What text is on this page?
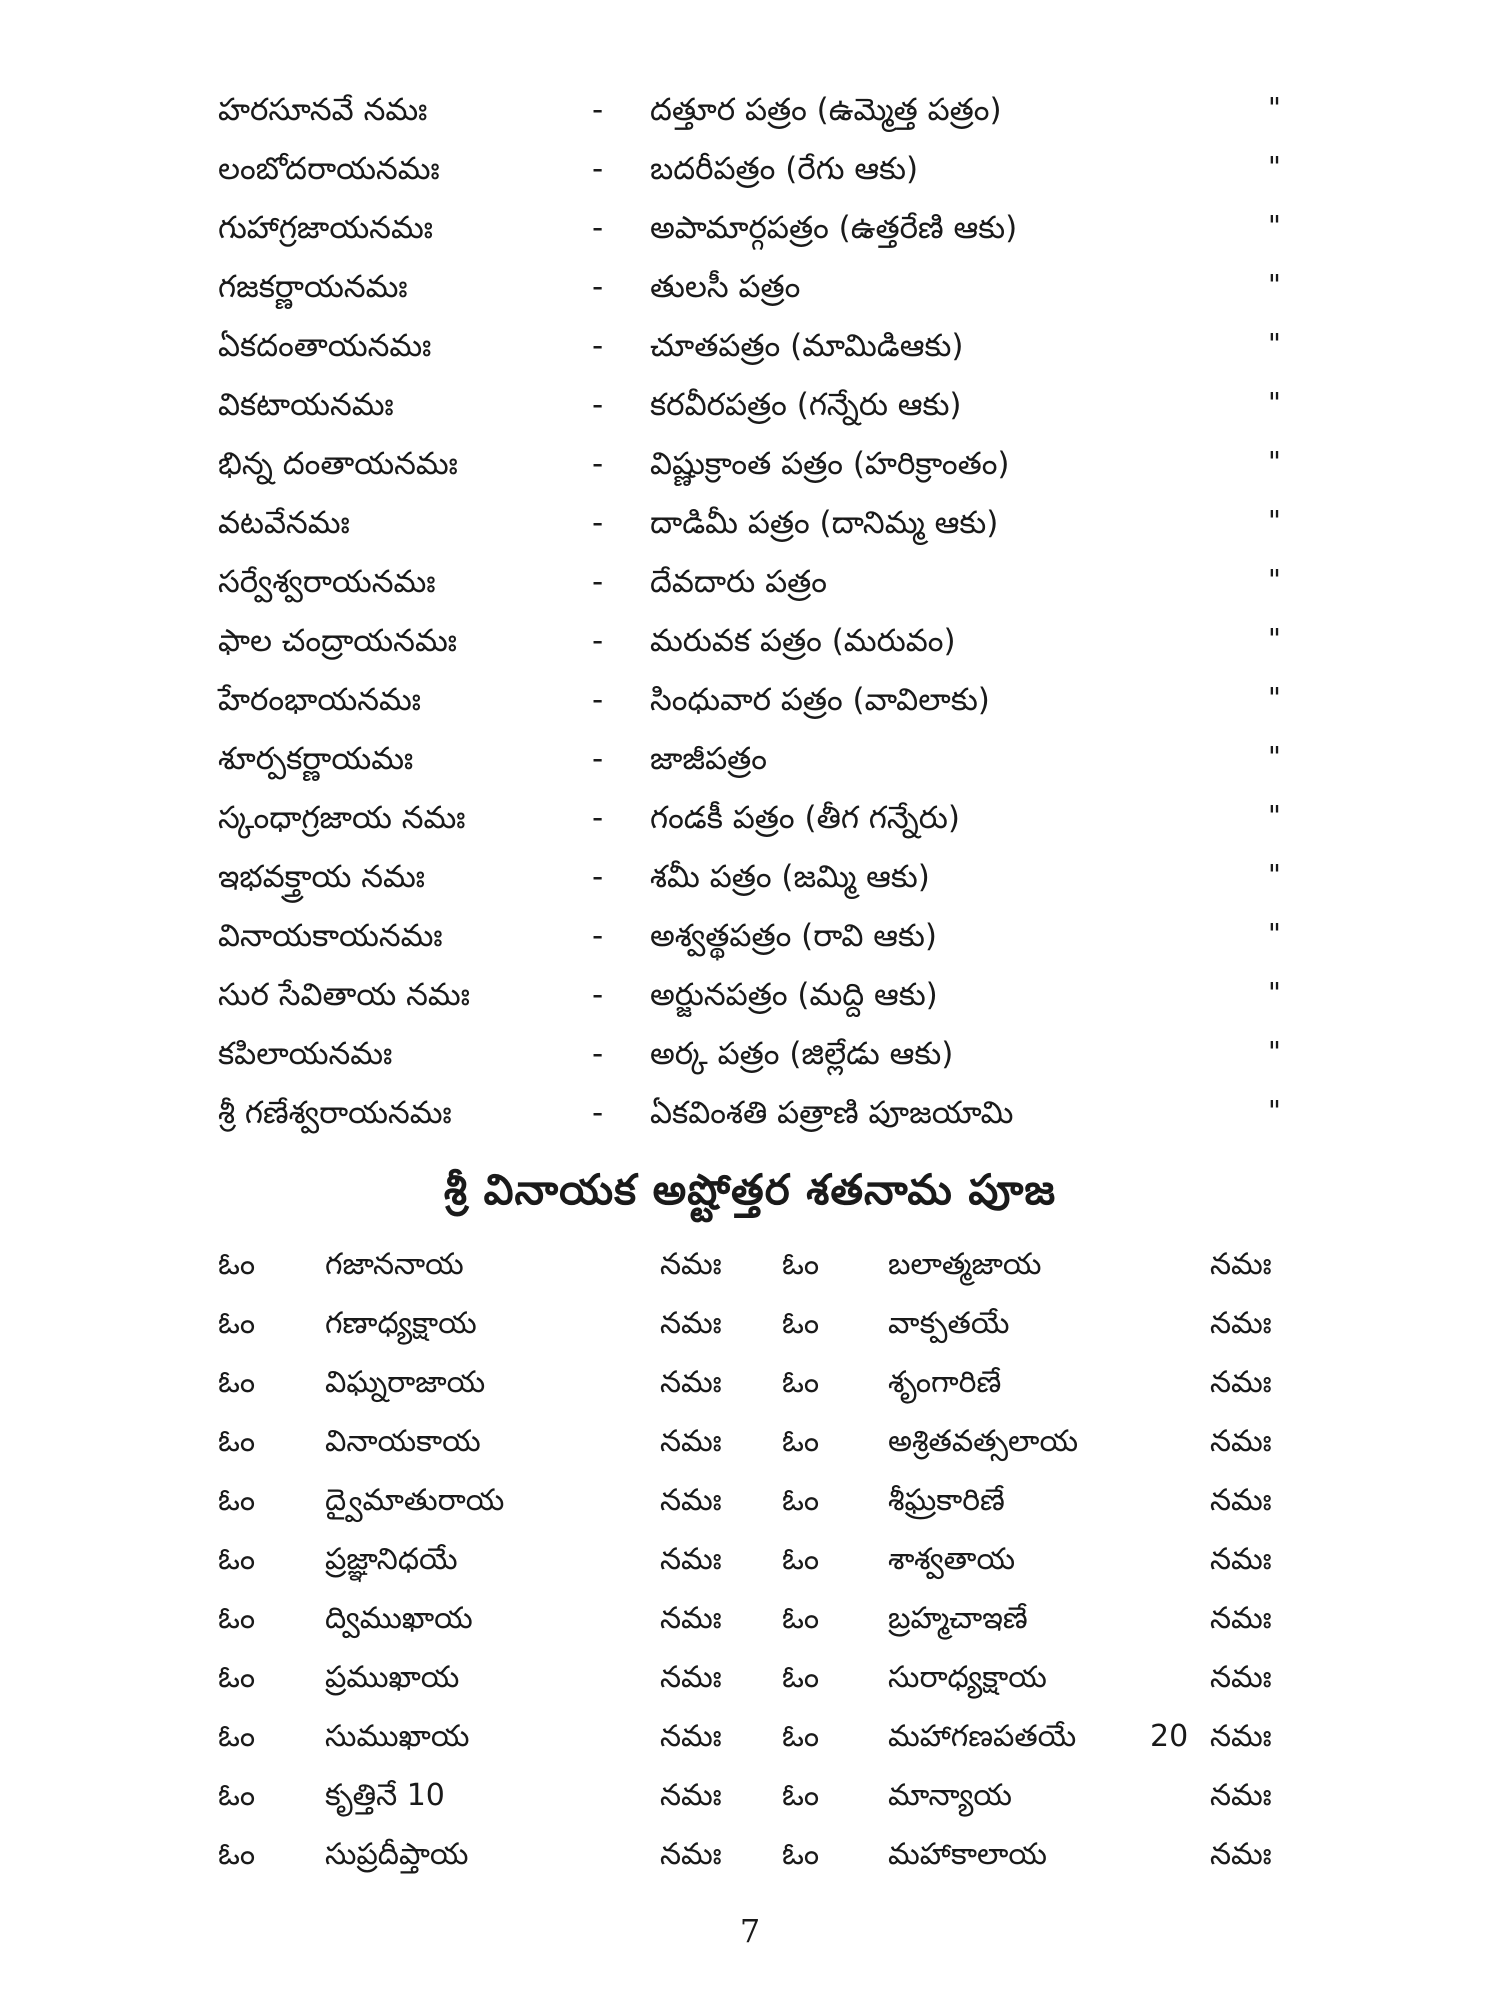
హరసూనవే నమః	- దత్తూర పత్రం (ఉమ్మెత్త పత్రం)	"
లంబోదరాయనమః	- బదరీపత్రం (రేగు ఆకు)	"
గుహాగ్రజాయనమః	- అపామార్గపత్రం (ఉత్తరేణి ఆకు)	"
గజకర్ణాయనమః	- తులసీ పత్రం	"
ఏకదంతాయనమః	- చూతపత్రం (మామిడిఆకు)	"
వికటాయనమః	- కరవీరపత్రం (గన్నేరు ఆకు)	"
భిన్న దంతాయనమః	- విష్ణుక్రాంత పత్రం (హరిక్రాంతం)	"
వటవేనమః	- దాడిమీ పత్రం (దానిమ్మ ఆకు)	"
సర్వేశ్వరాయనమః	- దేవదారు పత్రం	"
ఫాల చంద్రాయనమః	- మరువక పత్రం (మరువం)	"
హేరంభాయనమః	- సింధువార పత్రం (వావిలాకు)	"
శూర్పకర్ణాయమః	- జాజీపత్రం	"
స్కంధాగ్రజాయ నమః	- గండకీ పత్రం (తీగ గన్నేరు)	"
ఇభవక్త్రాయ నమః	- శమీ పత్రం (జమ్మి ఆకు)	"
వినాయకాయనమః	- అశ్వత్థపత్రం (రావి ఆకు)	"
సుర సేవితాయ నమః	- అర్జునపత్రం (మద్ది ఆకు)	"
కపిలాయనమః	- అర్క పత్రం (జిల్లేడు ఆకు)	"
శ్రీ గణేశ్వరాయనమః	- ఏకవింశతి పత్రాణి పూజయామి	"
శ్రీ వినాయక అష్టోత్తర శతనామ పూజ
ఓం గజాననాయ	నమః ఓం బలాత్మజాయ	నమః
ఓం గణాధ్యక్షాయ	నమః ఓం వాక్పతయే	నమః
ఓం విఘ్నరాజాయ	నమః ఓం శృంగారిణే	నమః
ఓం వినాయకాయ	నమః ఓం అశ్రితవత్సలాయ	నమః
ఓం ద్వైమాతురాయ	నమః ఓం శీఘ్రకారిణే	నమః
ఓం ప్రజ్ఞానిధయే	నమః ఓం శాశ్వతాయ	నమః
ఓం ద్విముఖాయ	నమః ఓం బ్రహ్మచాఇణే	నమః
ఓం ప్రముఖాయ	నమః ఓం సురాధ్యక్షాయ	నమః
ఓం సుముఖాయ	నమః ఓం మహాగణపతయే 20 నమః
ఓం కృత్తినే 10	నమః ఓం మాన్యాయ	నమః
ఓం సుప్రదీప్తాయ	నమః ఓం మహాకాలాయ	నమః
7
